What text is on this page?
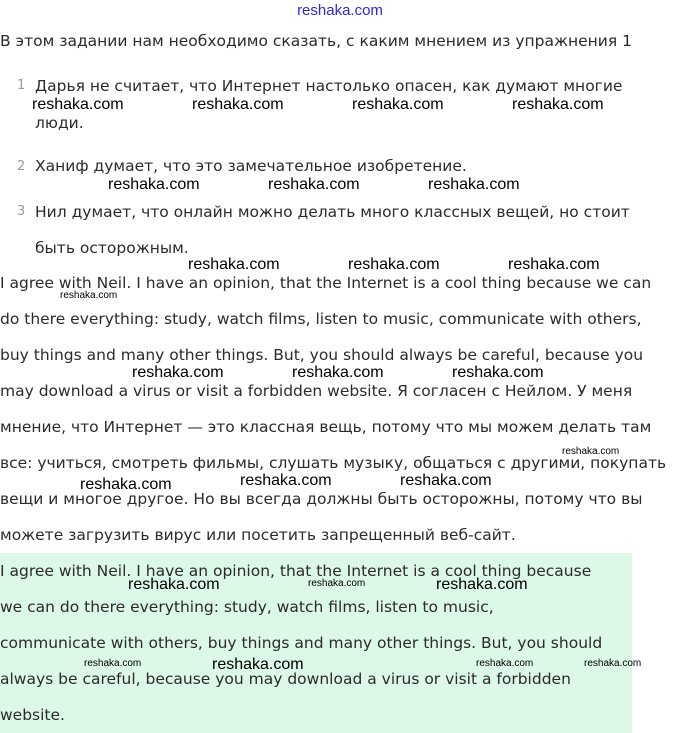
reshaka.com
В этом задании нам необходимо сказать, с каким мнением из упражнения 1
1 Дарья не считает, что Интернет настолько опасен, как думают многие
люди.
2 Ханиф думает, что это замечательное изобретение.
3 Нил думает, что онлайн можно делать много классных вещей, но стоит
быть осторожным.
I agree with Neil. I have an opinion, that the Internet is a cool thing because we can
do there everything: study, watch films, listen to music, communicate with others,
buy things and many other things. But, you should always be careful, because you
may download a virus or visit a forbidden website. Я согласен с Нейлом. У меня
мнение, что Интернет — это классная вещь, потому что мы можем делать там
все: учиться, смотреть фильмы, слушать музыку, общаться с другими, покупать
вещи и многое другое. Но вы всегда должны быть осторожны, потому что вы
можете загрузить вирус или посетить запрещенный веб-сайт.
I agree with Neil. I have an opinion, that the Internet is a cool thing because
we can do there everything: study, watch films, listen to music,
communicate with others, buy things and many other things. But, you should
always be careful, because you may download a virus or visit a forbidden
website.
reshaka.com	reshaka.com	reshaka.com	reshaka.com
reshaka.com	reshaka.com	reshaka.com
reshaka.com	reshaka.com	reshaka.com
reshaka.com
reshaka.com	reshaka.com	reshaka.com
reshaka.com
reshaka.com	reshaka.com	reshaka.com
reshaka.com	reshaka.com	reshaka.com
reshaka.com	reshaka.com	reshaka.com	reshaka.com
